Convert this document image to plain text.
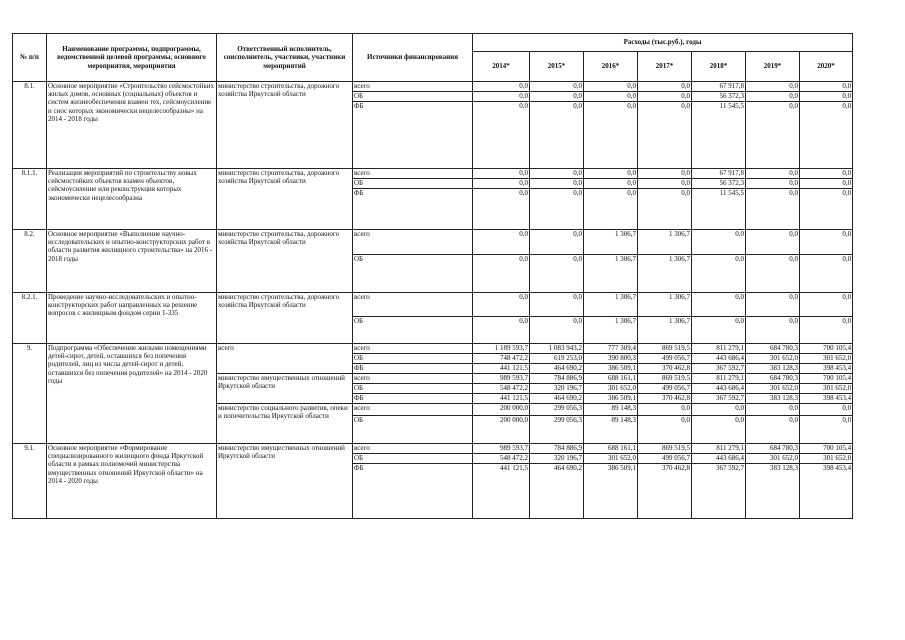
№ п/п	Наименование программы, подпрограммы, ведомственной целевой программы, основного мероприятия, мероприятия	Ответственный исполнитель, соисполнитель, участники, участники мероприятий	Источники финансирования	Расходы (тыс.руб.), годы						
				2014*	2015*	2016*	2017*	2018*	2019*	2020*
8.1.	Основное мероприятие «Строительство сейсмостойких жилых домов, основных (социальных) объектов и систем жизнеобеспечения взамен тех, сейсмоусиление и снос которых экономически нецелесообразны» на 2014 - 2018 годы	министерство строительства, дорожного хозяйства Иркутской области	всего	0,0	0,0	0,0	0,0	67 917,8	0,0	0,0
			ОБ	0,0	0,0	0,0	0,0	56 372,3	0,0	0,0
			ФБ	0,0	0,0	0,0	0,0	11 545,5	0,0	0,0
8.1.1.	Реализация мероприятий по строительству новых сейсмостойких объектов взамен объектов, сейсмоусиление или реконструкция которых экономически нецелесообразна	министерство строительства, дорожного хозяйства Иркутской области	всего	0,0	0,0	0,0	0,0	67 917,8	0,0	0,0
			ОБ	0,0	0,0	0,0	0,0	56 372,3	0,0	0,0
			ФБ	0,0	0,0	0,0	0,0	11 545,5	0,0	0,0
8.2.	Основное мероприятие «Выполнение научно-исследовательских и опытно-конструкторских работ в области развития жилищного строительства» на 2016 - 2018 годы	министерство строительства, дорожного хозяйства Иркутской области	всего	0,0	0,0	1 306,7	1 306,7	0,0	0,0	0,0
			ОБ	0,0	0,0	1 306,7	1 306,7	0,0	0,0	0,0
8.2.1.	Проведение научно-исследовательских и опытно-конструкторских работ направленных на решение вопросов с жилищным фондом серии 1-335	министерство строительства, дорожного хозяйства Иркутской области	всего	0,0	0,0	1 306,7	1 306,7	0,0	0,0	0,0
			ОБ	0,0	0,0	1 306,7	1 306,7	0,0	0,0	0,0
9.	Подпрограмма «Обеспечение жилыми помещениями детей-сирот, детей, оставшихся без попечения родителей, лиц из числа детей-сирот и детей, оставшихся без попечения родителей» на 2014 - 2020 годы	всего	всего	1 189 593,7	1 083 943,2	777 309,4	869 519,5	811 279,1	684 780,3	700 105,4
			ОБ	748 472,2	619 253,0	390 800,3	499 056,7	443 686,4	301 652,0	301 652,0
			ФБ	441 121,5	464 690,2	386 509,1	370 462,8	367 592,7	383 128,3	398 453,4
		министерство имущественных отношений Иркутской области	всего	989 593,7	784 886,9	688 161,1	869 519,5	811 279,1	684 780,3	700 105,4
			ОБ	548 472,2	320 196,7	301 652,0	499 056,7	443 686,4	301 652,0	301 652,0
			ФБ	441 121,5	464 690,2	386 509,1	370 462,8	367 592,7	383 128,3	398 453,4
		министерство социального развития, опеки и попечительства Иркутской области	всего	200 000,0	299 056,3	89 148,3	0,0	0,0	0,0	0,0
			ОБ	200 000,0	299 056,3	89 148,3	0,0	0,0	0,0	0,0
9.1.	Основное мероприятие «Формирование специализированного жилищного фонда Иркутской области в рамках полномочий министерства имущественных отношений Иркутской области» на 2014 - 2020 годы	министерство имущественных отношений Иркутской области	всего	989 593,7	784 886,9	688 161,1	869 519,5	811 279,1	684 780,3	700 105,4
			ОБ	548 472,2	320 196,7	301 652,0	499 056,7	443 686,4	301 652,0	301 652,0
			ФБ	441 121,5	464 690,2	386 509,1	370 462,8	367 592,7	383 128,3	398 453,4
